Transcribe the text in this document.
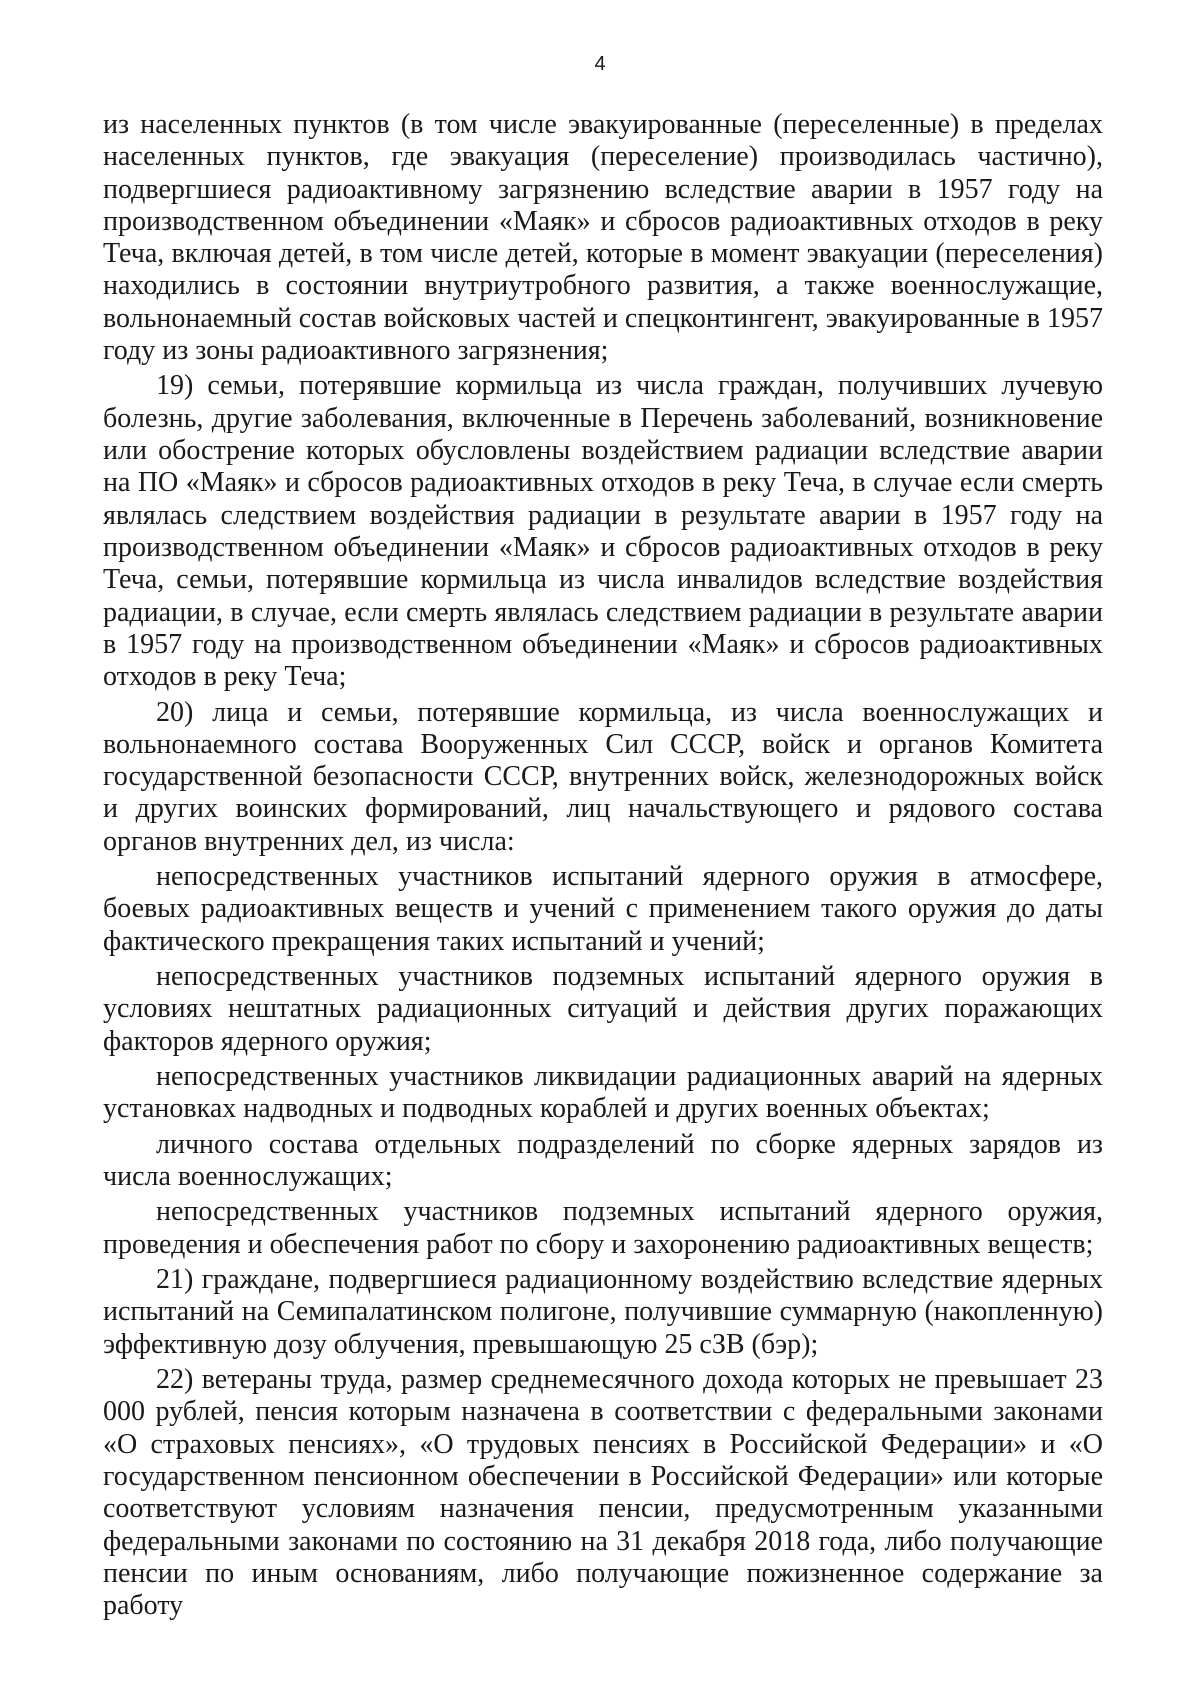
4

из населенных пунктов (в том числе эвакуированные (переселенные) в пределах населенных пунктов, где эвакуация (переселение) производилась частично), подвергшиеся радиоактивному загрязнению вследствие аварии в 1957 году на производственном объединении «Маяк» и сбросов радиоактивных отходов в реку Теча, включая детей, в том числе детей, которые в момент эвакуации (переселения) находились в состоянии внутриутробного развития, а также военнослужащие, вольнонаемный состав войсковых частей и спецконтингент, эвакуированные в 1957 году из зоны радиоактивного загрязнения;

19) семьи, потерявшие кормильца из числа граждан, получивших лучевую болезнь, другие заболевания, включенные в Перечень заболеваний, возникновение или обострение которых обусловлены воздействием радиации вследствие аварии на ПО «Маяк» и сбросов радиоактивных отходов в реку Теча, в случае если смерть являлась следствием воздействия радиации в результате аварии в 1957 году на производственном объединении «Маяк» и сбросов радиоактивных отходов в реку Теча, семьи, потерявшие кормильца из числа инвалидов вследствие воздействия радиации, в случае, если смерть являлась следствием радиации в результате аварии в 1957 году на производственном объединении «Маяк» и сбросов радиоактивных отходов в реку Теча;

20) лица и семьи, потерявшие кормильца, из числа военнослужащих и вольнонаемного состава Вооруженных Сил СССР, войск и органов Комитета государственной безопасности СССР, внутренних войск, железнодорожных войск и других воинских формирований, лиц начальствующего и рядового состава органов внутренних дел, из числа:

непосредственных участников испытаний ядерного оружия в атмосфере, боевых радиоактивных веществ и учений с применением такого оружия до даты фактического прекращения таких испытаний и учений;

непосредственных участников подземных испытаний ядерного оружия в условиях нештатных радиационных ситуаций и действия других поражающих факторов ядерного оружия;

непосредственных участников ликвидации радиационных аварий на ядерных установках надводных и подводных кораблей и других военных объектах;

личного состава отдельных подразделений по сборке ядерных зарядов из числа военнослужащих;

непосредственных участников подземных испытаний ядерного оружия, проведения и обеспечения работ по сбору и захоронению радиоактивных веществ;

21) граждане, подвергшиеся радиационному воздействию вследствие ядерных испытаний на Семипалатинском полигоне, получившие суммарную (накопленную) эффективную дозу облучения, превышающую 25 сЗВ (бэр);

22) ветераны труда, размер среднемесячного дохода которых не превышает 23 000 рублей, пенсия которым назначена в соответствии с федеральными законами «О страховых пенсиях», «О трудовых пенсиях в Российской Федерации» и «О государственном пенсионном обеспечении в Российской Федерации» или которые соответствуют условиям назначения пенсии, предусмотренным указанными федеральными законами по состоянию на 31 декабря 2018 года, либо получающие пенсии по иным основаниям, либо получающие пожизненное содержание за работу
